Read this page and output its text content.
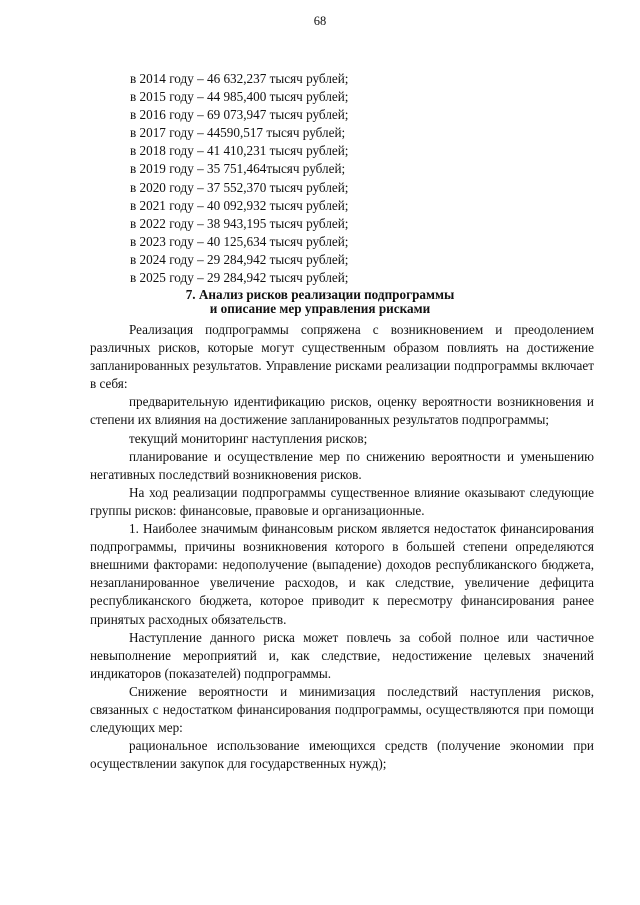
68
в 2014 году – 46 632,237 тысяч рублей;
в 2015 году – 44 985,400 тысяч рублей;
в 2016 году – 69 073,947 тысяч рублей;
в 2017 году – 44590,517 тысяч рублей;
в 2018 году – 41 410,231 тысяч рублей;
в 2019 году – 35 751,464тысяч рублей;
в 2020 году – 37 552,370 тысяч рублей;
в 2021 году – 40 092,932 тысяч рублей;
в 2022 году – 38 943,195 тысяч рублей;
в 2023 году – 40 125,634 тысяч рублей;
в 2024 году – 29 284,942 тысяч рублей;
в 2025 году – 29 284,942 тысяч рублей;
7. Анализ рисков реализации подпрограммы
и описание мер управления рисками

Реализация подпрограммы сопряжена с возникновением и преодолением различных рисков, которые могут существенным образом повлиять на достижение запланированных результатов. Управление рисками реализации подпрограммы включает в себя:

предварительную идентификацию рисков, оценку вероятности возникновения и степени их влияния на достижение запланированных результатов подпрограммы;

текущий мониторинг наступления рисков;

планирование и осуществление мер по снижению вероятности и уменьшению негативных последствий возникновения рисков.

На ход реализации подпрограммы существенное влияние оказывают следующие группы рисков: финансовые, правовые и организационные.

1. Наиболее значимым финансовым риском является недостаток финансирования подпрограммы, причины возникновения которого в большей степени определяются внешними факторами: недополучение (выпадение) доходов республиканского бюджета, незапланированное увеличение расходов, и как следствие, увеличение дефицита республиканского бюджета, которое приводит к пересмотру финансирования ранее принятых расходных обязательств.

Наступление данного риска может повлечь за собой полное или частичное невыполнение мероприятий и, как следствие, недостижение целевых значений индикаторов (показателей) подпрограммы.

Снижение вероятности и минимизация последствий наступления рисков, связанных с недостатком финансирования подпрограммы, осуществляются при помощи следующих мер:

рациональное использование имеющихся средств (получение экономии при осуществлении закупок для государственных нужд);
